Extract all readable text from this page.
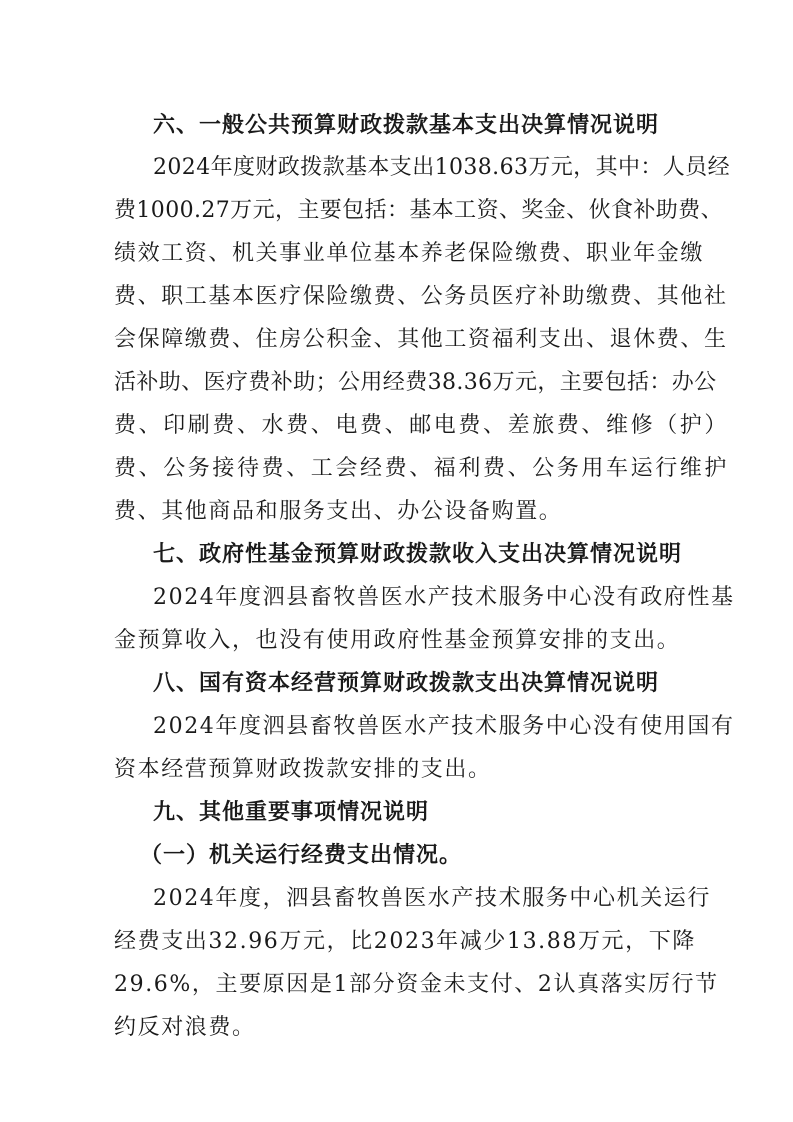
六、一般公共预算财政拨款基本支出决算情况说明
2024年度财政拨款基本支出1038.63万元，其中：人员经
费1000.27万元，主要包括：基本工资、奖金、伙食补助费、
绩效工资、机关事业单位基本养老保险缴费、职业年金缴
费、职工基本医疗保险缴费、公务员医疗补助缴费、其他社
会保障缴费、住房公积金、其他工资福利支出、退休费、生
活补助、医疗费补助；公用经费38.36万元，主要包括：办公
费、印刷费、水费、电费、邮电费、差旅费、维修（护）
费、公务接待费、工会经费、福利费、公务用车运行维护
费、其他商品和服务支出、办公设备购置。
七、政府性基金预算财政拨款收入支出决算情况说明
2024年度泗县畜牧兽医水产技术服务中心没有政府性基
金预算收入，也没有使用政府性基金预算安排的支出。
八、国有资本经营预算财政拨款支出决算情况说明
2024年度泗县畜牧兽医水产技术服务中心没有使用国有
资本经营预算财政拨款安排的支出。
九、其他重要事项情况说明
（一）机关运行经费支出情况。
2024年度，泗县畜牧兽医水产技术服务中心机关运行
经费支出32.96万元，比2023年减少13.88万元，下降
29.6%，主要原因是1部分资金未支付、2认真落实厉行节
约反对浪费。
